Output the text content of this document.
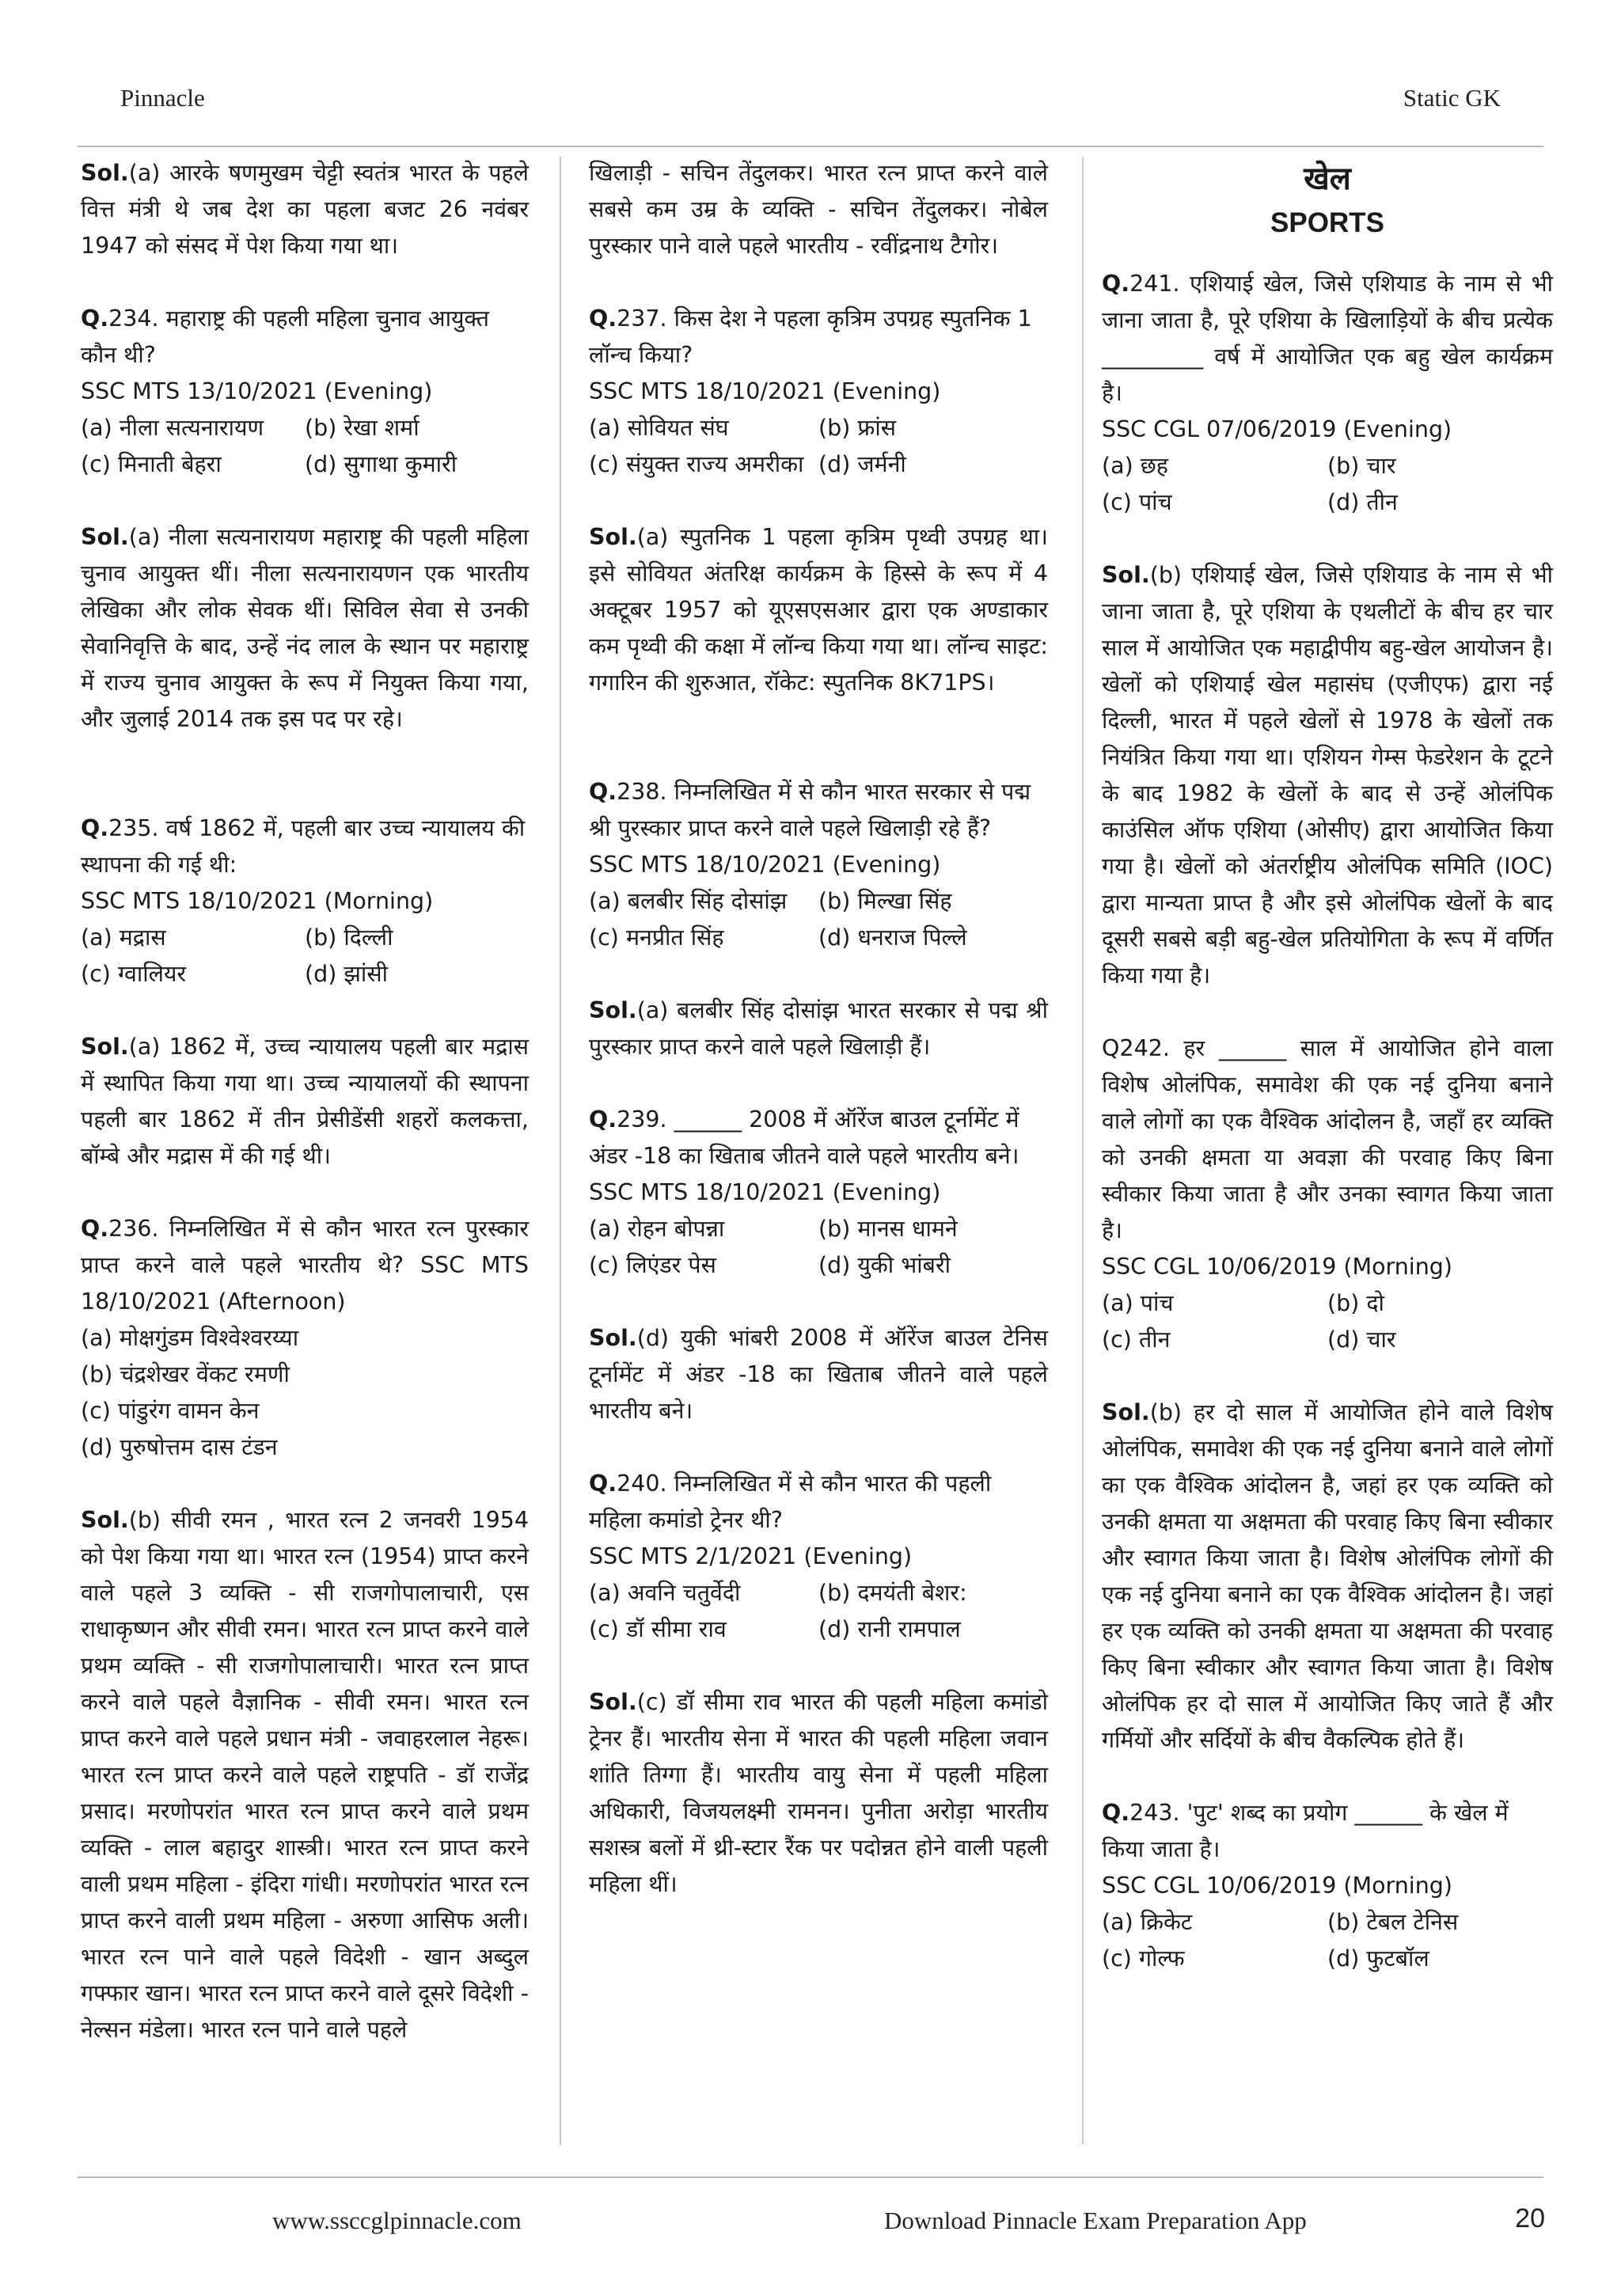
Pinnacle	Static GK

Sol.(a) आरके षणमुखम चेट्टी स्वतंत्र भारत के पहले वित्त मंत्री थे जब देश का पहला बजट 26 नवंबर 1947 को संसद में पेश किया गया था।

Q.234. महाराष्ट्र की पहली महिला चुनाव आयुक्त कौन थी?

SSC MTS 13/10/2021 (Evening)

(a) नीला सत्यनारायण	(b) रेखा शर्मा
(c) मिनाती बेहरा	(d) सुगाथा कुमारी

Sol.(a) नीला सत्यनारायण महाराष्ट्र की पहली महिला चुनाव आयुक्त थीं। नीला सत्यनारायणन एक भारतीय लेखिका और लोक सेवक थीं। सिविल सेवा से उनकी सेवानिवृत्ति के बाद, उन्हें नंद लाल के स्थान पर महाराष्ट्र में राज्य चुनाव आयुक्त के रूप में नियुक्त किया गया, और जुलाई 2014 तक इस पद पर रहे।

Q.235. वर्ष 1862 में, पहली बार उच्च न्यायालय की स्थापना की गई थी:

SSC MTS 18/10/2021 (Morning)

(a) मद्रास	(b) दिल्ली
(c) ग्वालियर	(d) झांसी

Sol.(a) 1862 में, उच्च न्यायालय पहली बार मद्रास में स्थापित किया गया था। उच्च न्यायालयों की स्थापना पहली बार 1862 में तीन प्रेसीडेंसी शहरों कलकत्ता, बॉम्बे और मद्रास में की गई थी।

Q.236. निम्नलिखित में से कौन भारत रत्न पुरस्कार प्राप्त करने वाले पहले भारतीय थे? SSC MTS 18/10/2021 (Afternoon)

(a) मोक्षगुंडम विश्वेश्वरय्या
(b) चंद्रशेखर वेंकट रमणी
(c) पांडुरंग वामन केन
(d) पुरुषोत्तम दास टंडन

Sol.(b) सीवी रमन , भारत रत्न 2 जनवरी 1954 को पेश किया गया था। भारत रत्न (1954) प्राप्त करने वाले पहले 3 व्यक्ति - सी राजगोपालाचारी, एस राधाकृष्णन और सीवी रमन। भारत रत्न प्राप्त करने वाले प्रथम व्यक्ति - सी राजगोपालाचारी। भारत रत्न प्राप्त करने वाले पहले वैज्ञानिक - सीवी रमन। भारत रत्न प्राप्त करने वाले पहले प्रधान मंत्री - जवाहरलाल नेहरू। भारत रत्न प्राप्त करने वाले पहले राष्ट्रपति - डॉ राजेंद्र प्रसाद। मरणोपरांत भारत रत्न प्राप्त करने वाले प्रथम व्यक्ति - लाल बहादुर शास्त्री। भारत रत्न प्राप्त करने वाली प्रथम महिला - इंदिरा गांधी। मरणोपरांत भारत रत्न प्राप्त करने वाली प्रथम महिला - अरुणा आसिफ अली। भारत रत्न पाने वाले पहले विदेशी - खान अब्दुल गफ्फार खान। भारत रत्न प्राप्त करने वाले दूसरे विदेशी - नेल्सन मंडेला। भारत रत्न पाने वाले पहले

खिलाड़ी - सचिन तेंदुलकर। भारत रत्न प्राप्त करने वाले सबसे कम उम्र के व्यक्ति - सचिन तेंदुलकर। नोबेल पुरस्कार पाने वाले पहले भारतीय - रवींद्रनाथ टैगोर।

Q.237. किस देश ने पहला कृत्रिम उपग्रह स्पुतनिक 1 लॉन्च किया?

SSC MTS 18/10/2021 (Evening)

(a) सोवियत संघ	(b) फ्रांस
(c) संयुक्त राज्य अमरीका (d) जर्मनी

Sol.(a) स्पुतनिक 1 पहला कृत्रिम पृथ्वी उपग्रह था। इसे सोवियत अंतरिक्ष कार्यक्रम के हिस्से के रूप में 4 अक्टूबर 1957 को यूएसएसआर द्वारा एक अण्डाकार कम पृथ्वी की कक्षा में लॉन्च किया गया था। लॉन्च साइट: गगारिन की शुरुआत, रॉकेट: स्पुतनिक 8K71PS।

Q.238. निम्नलिखित में से कौन भारत सरकार से पद्म श्री पुरस्कार प्राप्त करने वाले पहले खिलाड़ी रहे हैं?

SSC MTS 18/10/2021 (Evening)

(a) बलबीर सिंह दोसांझ	(b) मिल्खा सिंह
(c) मनप्रीत सिंह	(d) धनराज पिल्ले

Sol.(a) बलबीर सिंह दोसांझ भारत सरकार से पद्म श्री पुरस्कार प्राप्त करने वाले पहले खिलाड़ी हैं।

Q.239. ______ 2008 में ऑरेंज बाउल टूर्नामेंट में अंडर -18 का खिताब जीतने वाले पहले भारतीय बने।

SSC MTS 18/10/2021 (Evening)

(a) रोहन बोपन्ना	(b) मानस धामने
(c) लिएंडर पेस	(d) युकी भांबरी

Sol.(d) युकी भांबरी 2008 में ऑरेंज बाउल टेनिस टूर्नामेंट में अंडर -18 का खिताब जीतने वाले पहले भारतीय बने।

Q.240. निम्नलिखित में से कौन भारत की पहली महिला कमांडो ट्रेनर थी?

SSC MTS 2/1/2021 (Evening)

(a) अवनि चतुर्वेदी	(b) दमयंती बेशर:
(c) डॉ सीमा राव	(d) रानी रामपाल

Sol.(c) डॉ सीमा राव भारत की पहली महिला कमांडो ट्रेनर हैं। भारतीय सेना में भारत की पहली महिला जवान शांति तिग्गा हैं। भारतीय वायु सेना में पहली महिला अधिकारी, विजयलक्ष्मी रामनन। पुनीता अरोड़ा भारतीय सशस्त्र बलों में थ्री-स्टार रैंक पर पदोन्नत होने वाली पहली महिला थीं।

खेल

SPORTS

Q.241. एशियाई खेल, जिसे एशियाड के नाम से भी जाना जाता है, पूरे एशिया के खिलाड़ियों के बीच प्रत्येक _________ वर्ष में आयोजित एक बहु खेल कार्यक्रम है।

SSC CGL 07/06/2019 (Evening)

(a) छह	(b) चार
(c) पांच	(d) तीन

Sol.(b) एशियाई खेल, जिसे एशियाड के नाम से भी जाना जाता है, पूरे एशिया के एथलीटों के बीच हर चार साल में आयोजित एक महाद्वीपीय बहु-खेल आयोजन है। खेलों को एशियाई खेल महासंघ (एजीएफ) द्वारा नई दिल्ली, भारत में पहले खेलों से 1978 के खेलों तक नियंत्रित किया गया था। एशियन गेम्स फेडरेशन के टूटने के बाद 1982 के खेलों के बाद से उन्हें ओलंपिक काउंसिल ऑफ एशिया (ओसीए) द्वारा आयोजित किया गया है। खेलों को अंतर्राष्ट्रीय ओलंपिक समिति (IOC) द्वारा मान्यता प्राप्त है और इसे ओलंपिक खेलों के बाद दूसरी सबसे बड़ी बहु-खेल प्रतियोगिता के रूप में वर्णित किया गया है।

Q242. हर ______ साल में आयोजित होने वाला विशेष ओलंपिक, समावेश की एक नई दुनिया बनाने वाले लोगों का एक वैश्विक आंदोलन है, जहाँ हर व्यक्ति को उनकी क्षमता या अवज्ञा की परवाह किए बिना स्वीकार किया जाता है और उनका स्वागत किया जाता है।

SSC CGL 10/06/2019 (Morning)

(a) पांच	(b) दो
(c) तीन	(d) चार

Sol.(b) हर दो साल में आयोजित होने वाले विशेष ओलंपिक, समावेश की एक नई दुनिया बनाने वाले लोगों का एक वैश्विक आंदोलन है, जहां हर एक व्यक्ति को उनकी क्षमता या अक्षमता की परवाह किए बिना स्वीकार और स्वागत किया जाता है। विशेष ओलंपिक लोगों की एक नई दुनिया बनाने का एक वैश्विक आंदोलन है। जहां हर एक व्यक्ति को उनकी क्षमता या अक्षमता की परवाह किए बिना स्वीकार और स्वागत किया जाता है। विशेष ओलंपिक हर दो साल में आयोजित किए जाते हैं और गर्मियों और सर्दियों के बीच वैकल्पिक होते हैं।

Q.243. 'पुट' शब्द का प्रयोग ______ के खेल में किया जाता है।

SSC CGL 10/06/2019 (Morning)

(a) क्रिकेट	(b) टेबल टेनिस
(c) गोल्फ	(d) फुटबॉल
www.ssccglpinnacle.com	Download Pinnacle Exam Preparation App	20
